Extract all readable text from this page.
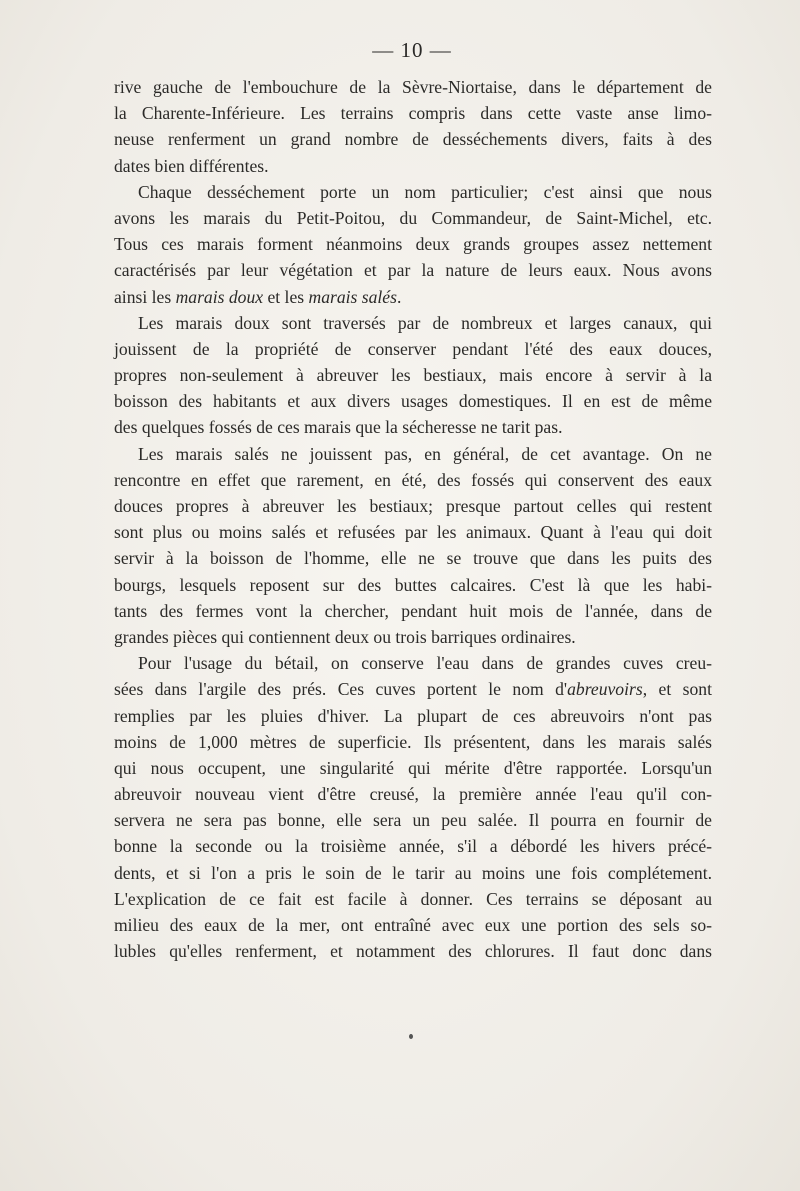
— 10 —
rive gauche de l'embouchure de la Sèvre-Niortaise, dans le département de
la Charente-Inférieure. Les terrains compris dans cette vaste anse limo-
neuse renferment un grand nombre de desséchements divers, faits à des
dates bien différentes.
Chaque desséchement porte un nom particulier; c'est ainsi que nous
avons les marais du Petit-Poitou, du Commandeur, de Saint-Michel, etc.
Tous ces marais forment néanmoins deux grands groupes assez nettement
caractérisés par leur végétation et par la nature de leurs eaux. Nous avons
ainsi les marais doux et les marais salés.
Les marais doux sont traversés par de nombreux et larges canaux, qui
jouissent de la propriété de conserver pendant l'été des eaux douces,
propres non-seulement à abreuver les bestiaux, mais encore à servir à la
boisson des habitants et aux divers usages domestiques. Il en est de même
des quelques fossés de ces marais que la sécheresse ne tarit pas.
Les marais salés ne jouissent pas, en général, de cet avantage. On ne
rencontre en effet que rarement, en été, des fossés qui conservent des eaux
douces propres à abreuver les bestiaux; presque partout celles qui restent
sont plus ou moins salés et refusées par les animaux. Quant à l'eau qui doit
servir à la boisson de l'homme, elle ne se trouve que dans les puits des
bourgs, lesquels reposent sur des buttes calcaires. C'est là que les habi-
tants des fermes vont la chercher, pendant huit mois de l'année, dans de
grandes pièces qui contiennent deux ou trois barriques ordinaires.
Pour l'usage du bétail, on conserve l'eau dans de grandes cuves creu-
sées dans l'argile des prés. Ces cuves portent le nom d'abreuvoirs, et sont
remplies par les pluies d'hiver. La plupart de ces abreuvoirs n'ont pas
moins de 1,000 mètres de superficie. Ils présentent, dans les marais salés
qui nous occupent, une singularité qui mérite d'être rapportée. Lorsqu'un
abreuvoir nouveau vient d'être creusé, la première année l'eau qu'il con-
servera ne sera pas bonne, elle sera un peu salée. Il pourra en fournir de
bonne la seconde ou la troisième année, s'il a débordé les hivers précé-
dents, et si l'on a pris le soin de le tarir au moins une fois complétement.
L'explication de ce fait est facile à donner. Ces terrains se déposant au
milieu des eaux de la mer, ont entraîné avec eux une portion des sels so-
lubles qu'elles renferment, et notamment des chlorures. Il faut donc dans
